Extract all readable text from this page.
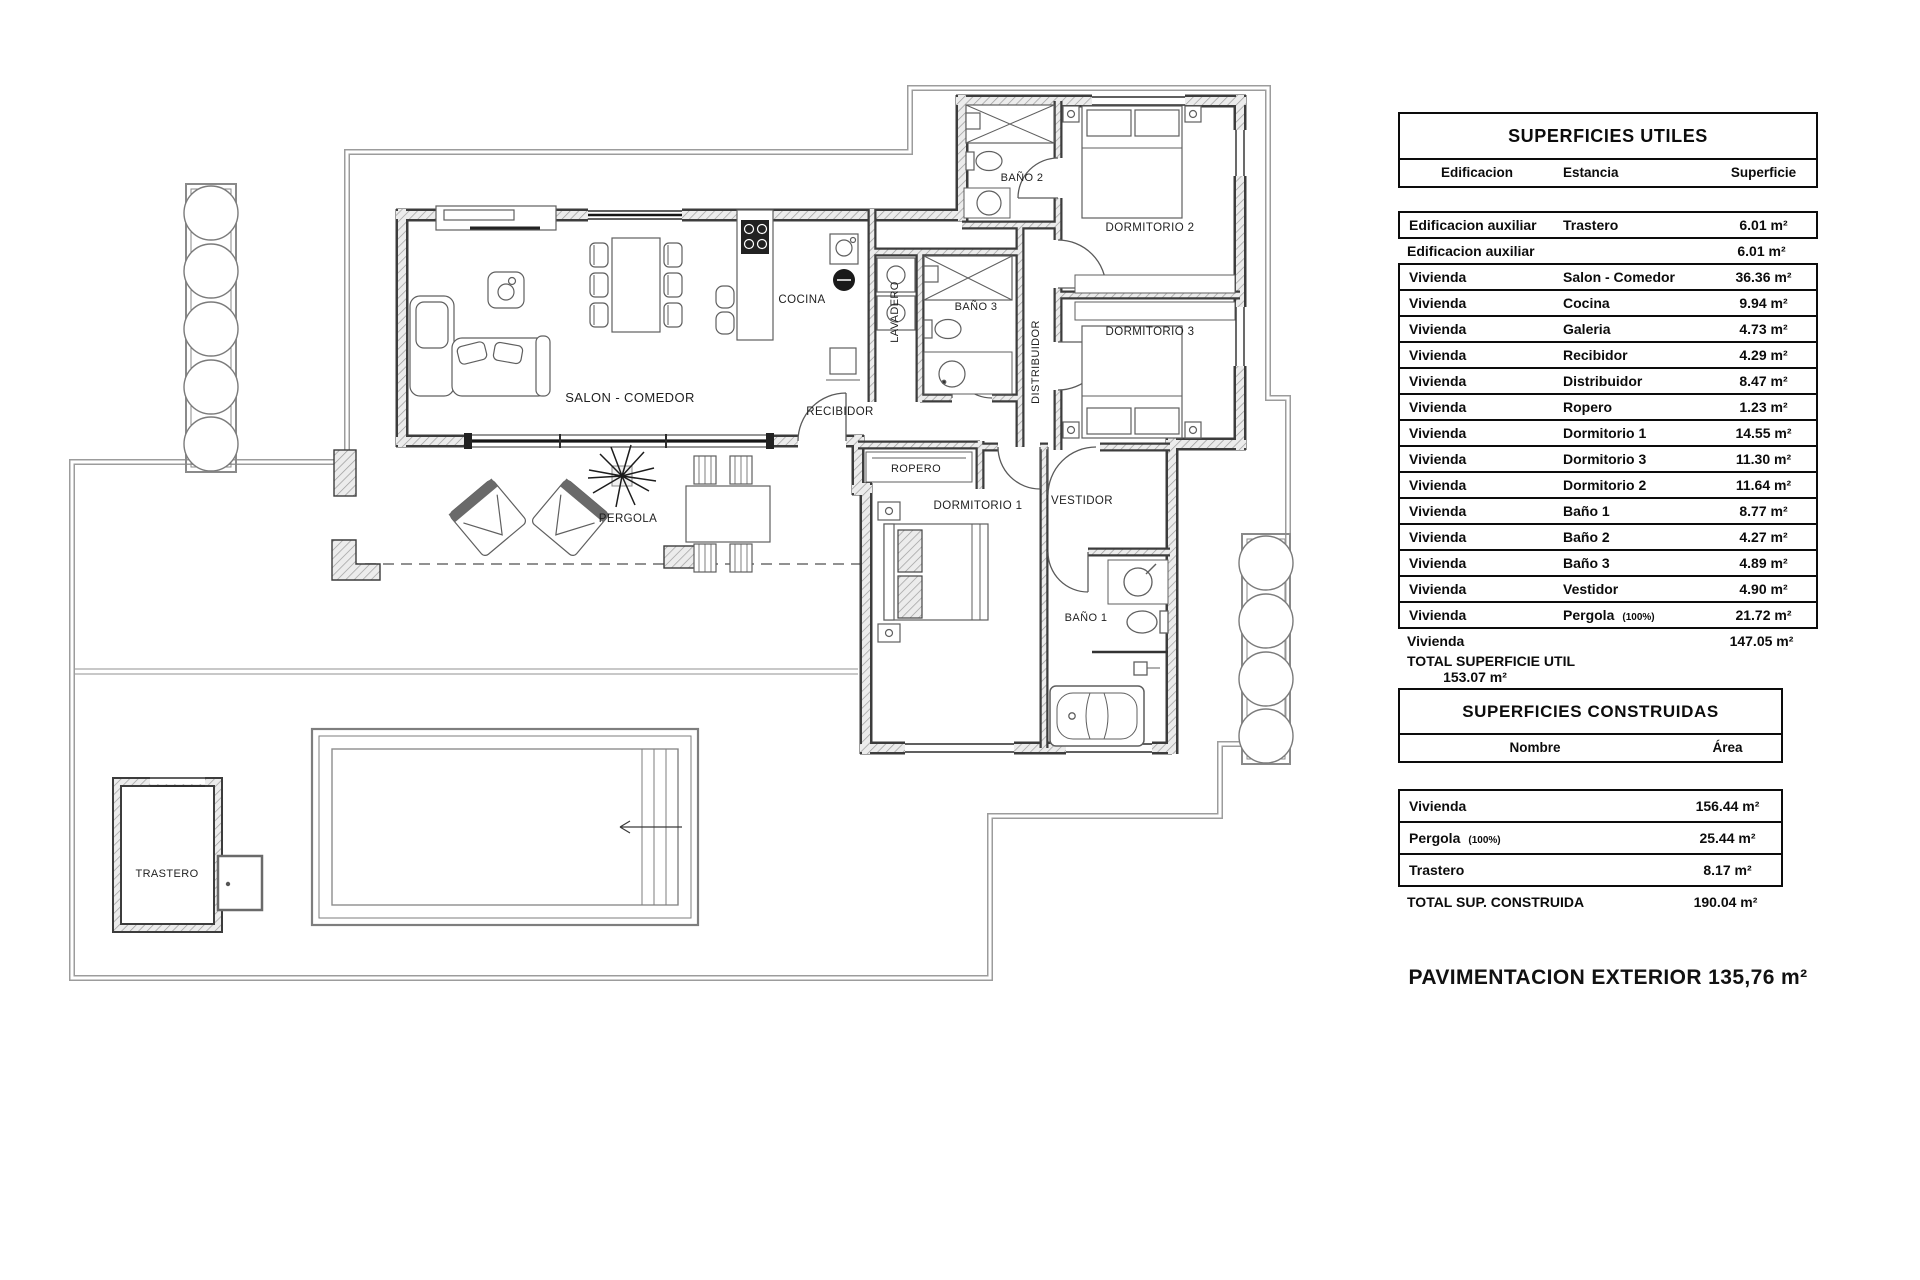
SALON - COMEDOR
COCINA	LAVADERO	BAÑO 3
BAÑO 2
DISTRIBUIDOR
DORMITORIO 2
DORMITORIO 3
RECIBIDOR
ROPERO
DORMITORIO 1 VESTIDOR
BAÑO 1
PERGOLA
TRASTERO
SUPERFICIES UTILES
Edificacion	Estancia	Superficie
Edificacion auxiliar	Trastero	6.01 m²
Edificacion auxiliar	6.01 m²
Vivienda	Salon - Comedor	36.36 m²
Vivienda	Cocina	9.94 m²
Vivienda	Galeria	4.73 m²
Vivienda	Recibidor	4.29 m²
Vivienda	Distribuidor	8.47 m²
Vivienda	Ropero	1.23 m²
Vivienda	Dormitorio 1	14.55 m²
Vivienda	Dormitorio 3	11.30 m²
Vivienda	Dormitorio 2	11.64 m²
Vivienda	Baño 1	8.77 m²
Vivienda	Baño 2	4.27 m²
Vivienda	Baño 3	4.89 m²
Vivienda	Vestidor	4.90 m²
Vivienda	Pergola (100%)	21.72 m²
Vivienda	147.05 m²
TOTAL SUPERFICIE UTIL
153.07 m²
SUPERFICIES CONSTRUIDAS
Nombre	Área
Vivienda	156.44 m²
Pergola (100%)	25.44 m²
Trastero	8.17 m²
TOTAL SUP. CONSTRUIDA	190.04 m²
PAVIMENTACION EXTERIOR 135,76 m²
